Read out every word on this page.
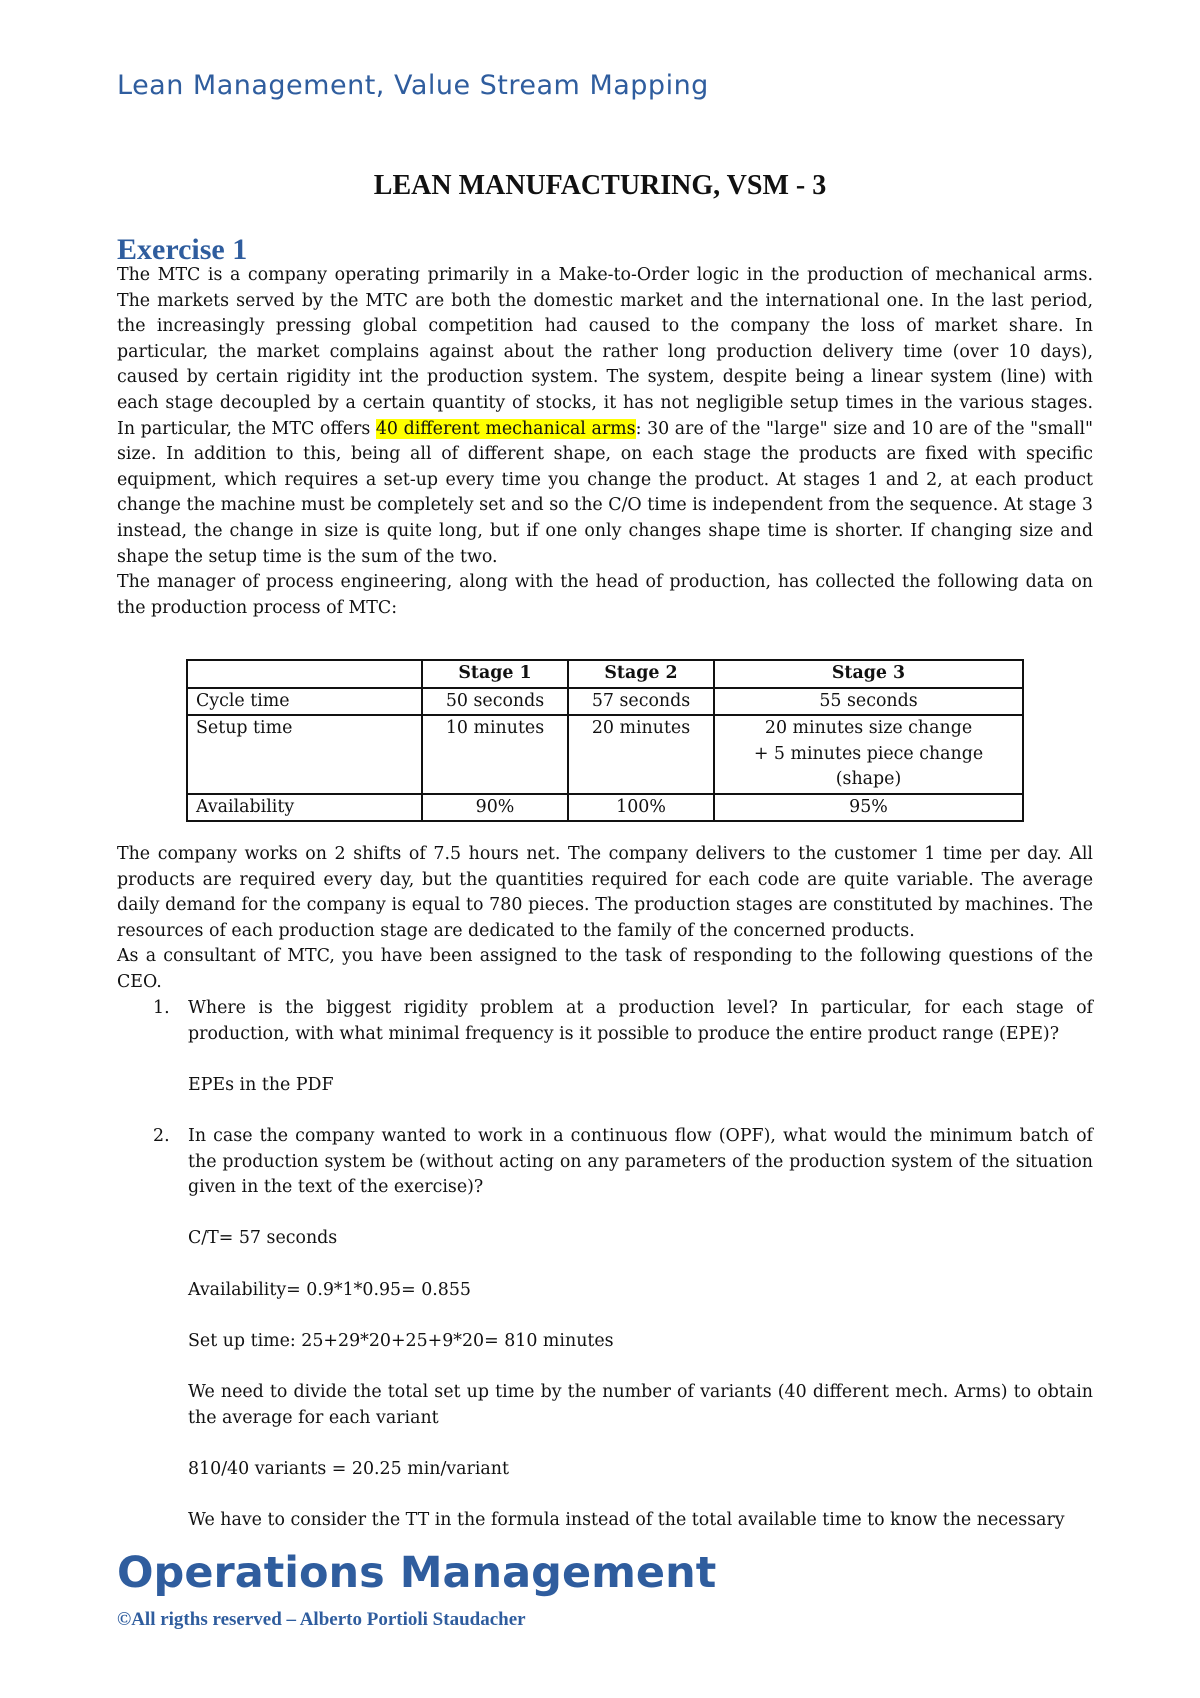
Lean Management, Value Stream Mapping
LEAN MANUFACTURING, VSM - 3
Exercise 1

The MTC is a company operating primarily in a Make-to-Order logic in the production of mechanical arms. The markets served by the MTC are both the domestic market and the international one. In the last period, the increasingly pressing global competition had caused to the company the loss of market share. In particular, the market complains against about the rather long production delivery time (over 10 days), caused by certain rigidity int the production system. The system, despite being a linear system (line) with each stage decoupled by a certain quantity of stocks, it has not negligible setup times in the various stages. In particular, the MTC offers 40 different mechanical arms: 30 are of the "large" size and 10 are of the "small" size. In addition to this, being all of different shape, on each stage the products are fixed with specific equipment, which requires a set-up every time you change the product. At stages 1 and 2, at each product change the machine must be completely set and so the C/O time is independent from the sequence. At stage 3 instead, the change in size is quite long, but if one only changes shape time is shorter. If changing size and shape the setup time is the sum of the two.

The manager of process engineering, along with the head of production, has collected the following data on the production process of MTC:

	Stage 1	Stage 2	Stage 3
Cycle time	50 seconds	57 seconds	55 seconds
Setup time	10 minutes	20 minutes	20 minutes size change
+ 5 minutes piece change
(shape)
Availability	90%	100%	95%

The company works on 2 shifts of 7.5 hours net. The company delivers to the customer 1 time per day. All products are required every day, but the quantities required for each code are quite variable. The average daily demand for the company is equal to 780 pieces. The production stages are constituted by machines. The resources of each production stage are dedicated to the family of the concerned products.

As a consultant of MTC, you have been assigned to the task of responding to the following questions of the CEO.

1. Where is the biggest rigidity problem at a production level? In particular, for each stage of production, with what minimal frequency is it possible to produce the entire product range (EPE)?

EPEs in the PDF

2. In case the company wanted to work in a continuous flow (OPF), what would the minimum batch of the production system be (without acting on any parameters of the production system of the situation given in the text of the exercise)?

C/T= 57 seconds

Availability= 0.9*1*0.95= 0.855

Set up time: 25+29*20+25+9*20= 810 minutes

We need to divide the total set up time by the number of variants (40 different mech. Arms) to obtain the average for each variant

810/40 variants = 20.25 min/variant

We have to consider the TT in the formula instead of the total available time to know the necessary

Operations Management
©All rigths reserved – Alberto Portioli Staudacher
